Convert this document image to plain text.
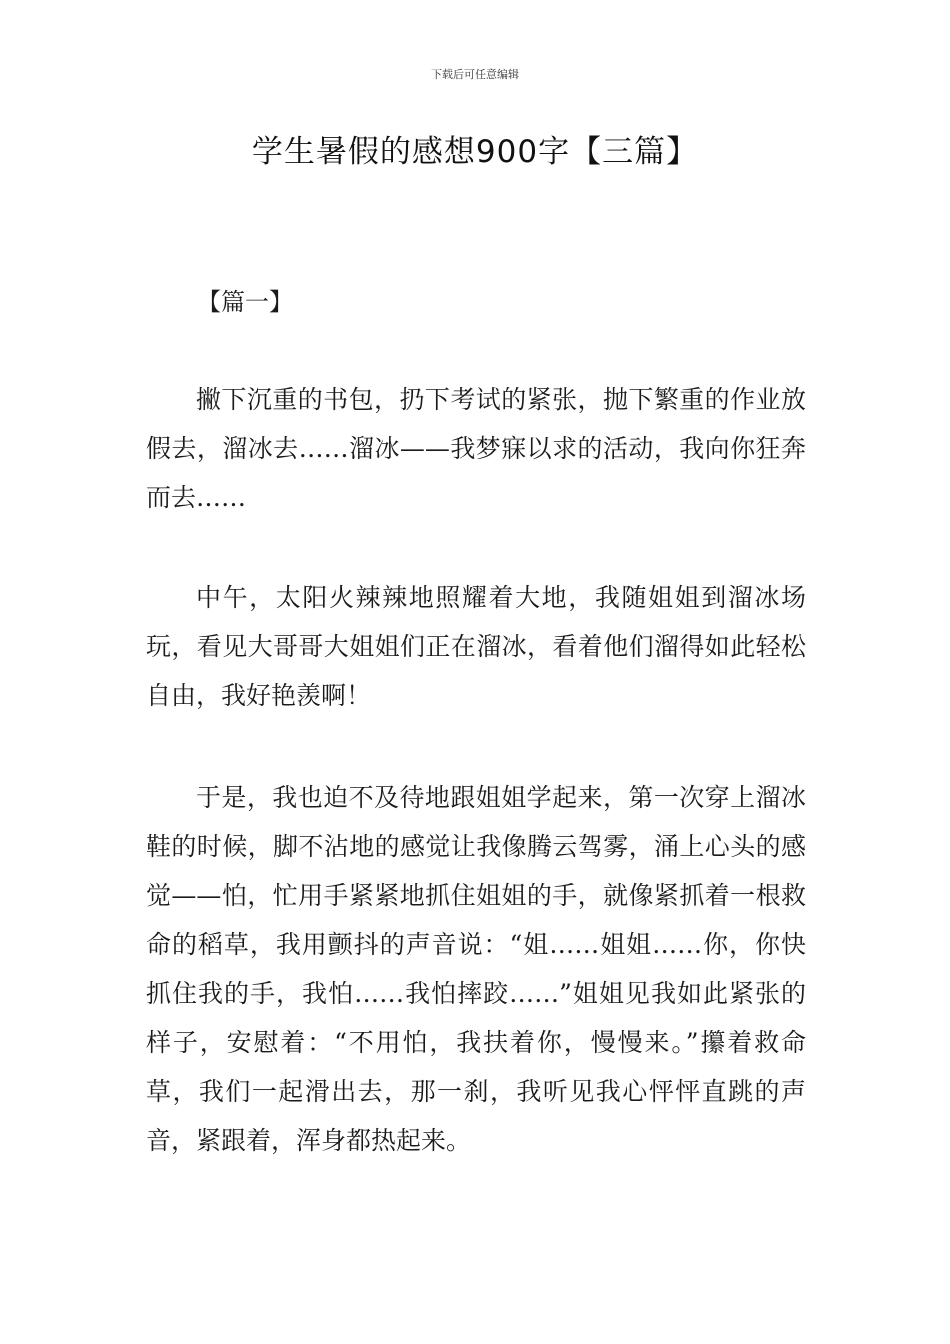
下载后可任意编辑
学生暑假的感想900字【三篇】
【篇一】

撇下沉重的书包，扔下考试的紧张，抛下繁重的作业放假去，溜冰去……溜冰——我梦寐以求的活动，我向你狂奔而去……

中午，太阳火辣辣地照耀着大地，我随姐姐到溜冰场玩，看见大哥哥大姐姐们正在溜冰，看着他们溜得如此轻松自由，我好艳羡啊！

于是，我也迫不及待地跟姐姐学起来，第一次穿上溜冰鞋的时候，脚不沾地的感觉让我像腾云驾雾，涌上心头的感觉——怕，忙用手紧紧地抓住姐姐的手，就像紧抓着一根救命的稻草，我用颤抖的声音说：“姐……姐姐……你，你快抓住我的手，我怕……我怕摔跤……”姐姐见我如此紧张的样子，安慰着：“不用怕，我扶着你，慢慢来。”攥着救命草，我们一起滑出去，那一刹，我听见我心怦怦直跳的声音，紧跟着，浑身都热起来。
